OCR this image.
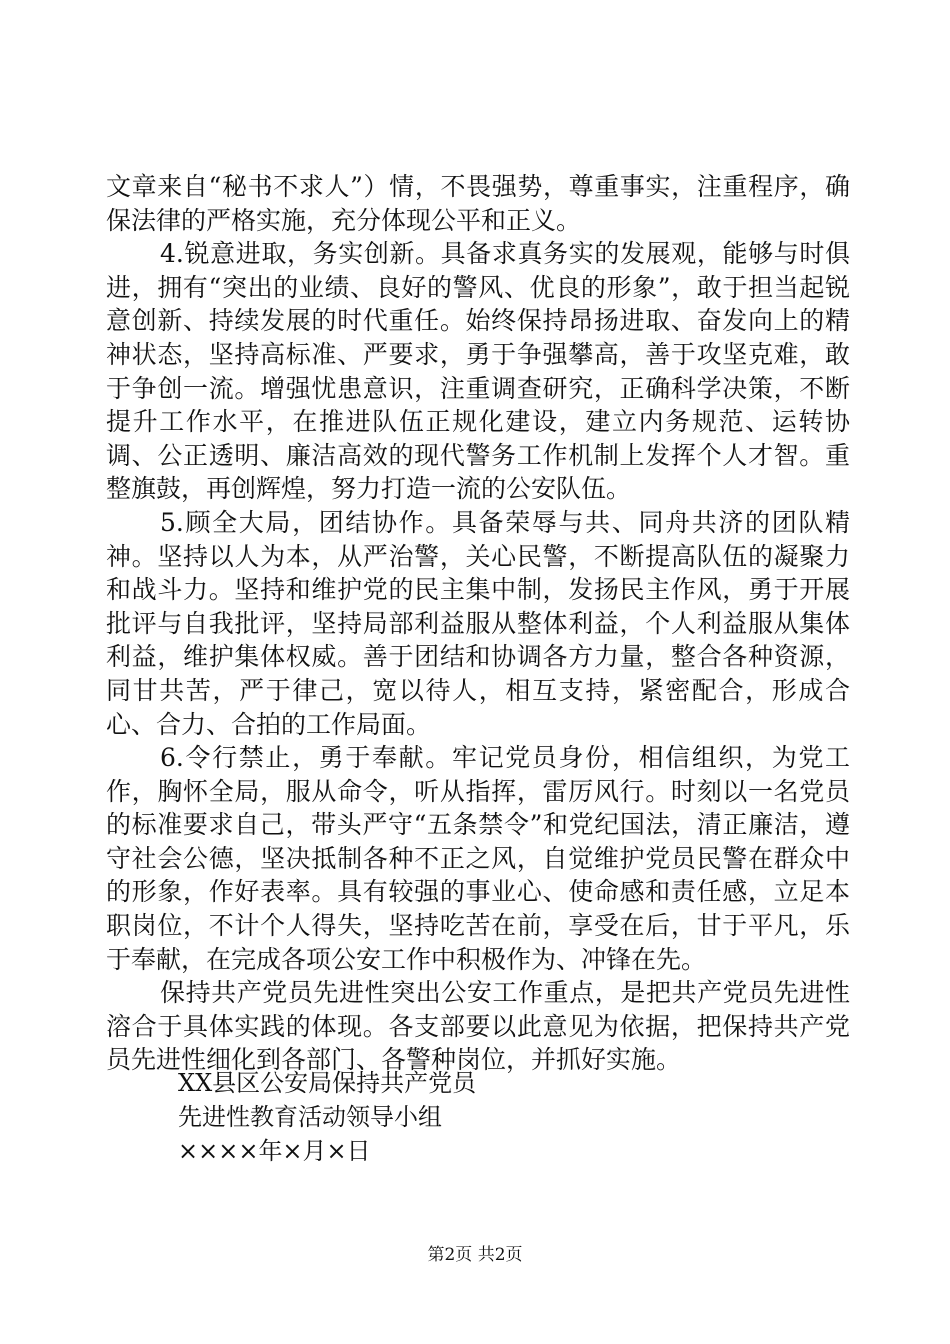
文章来自“秘书不求人”）情，不畏强势，尊重事实，注重程序，确保法律的严格实施，充分体现公平和正义。

4.锐意进取，务实创新。具备求真务实的发展观，能够与时俱进，拥有“突出的业绩、良好的警风、优良的形象”，敢于担当起锐意创新、持续发展的时代重任。始终保持昂扬进取、奋发向上的精神状态，坚持高标准、严要求，勇于争强攀高，善于攻坚克难，敢于争创一流。增强忧患意识，注重调查研究，正确科学决策，不断提升工作水平，在推进队伍正规化建设，建立内务规范、运转协调、公正透明、廉洁高效的现代警务工作机制上发挥个人才智。重整旗鼓，再创辉煌，努力打造一流的公安队伍。

5.顾全大局，团结协作。具备荣辱与共、同舟共济的团队精神。坚持以人为本，从严治警，关心民警，不断提高队伍的凝聚力和战斗力。坚持和维护党的民主集中制，发扬民主作风，勇于开展批评与自我批评，坚持局部利益服从整体利益，个人利益服从集体利益，维护集体权威。善于团结和协调各方力量，整合各种资源，同甘共苦，严于律己，宽以待人，相互支持，紧密配合，形成合心、合力、合拍的工作局面。

6.令行禁止，勇于奉献。牢记党员身份，相信组织，为党工作，胸怀全局，服从命令，听从指挥，雷厉风行。时刻以一名党员的标准要求自己，带头严守“五条禁令”和党纪国法，清正廉洁，遵守社会公德，坚决抵制各种不正之风，自觉维护党员民警在群众中的形象，作好表率。具有较强的事业心、使命感和责任感，立足本职岗位，不计个人得失，坚持吃苦在前，享受在后，甘于平凡，乐于奉献，在完成各项公安工作中积极作为、冲锋在先。

保持共产党员先进性突出公安工作重点，是把共产党员先进性溶合于具体实践的体现。各支部要以此意见为依据，把保持共产党员先进性细化到各部门、各警种岗位，并抓好实施。

XX县区公安局保持共产党员
先进性教育活动领导小组
××××年×月×日
第2页 共2页
